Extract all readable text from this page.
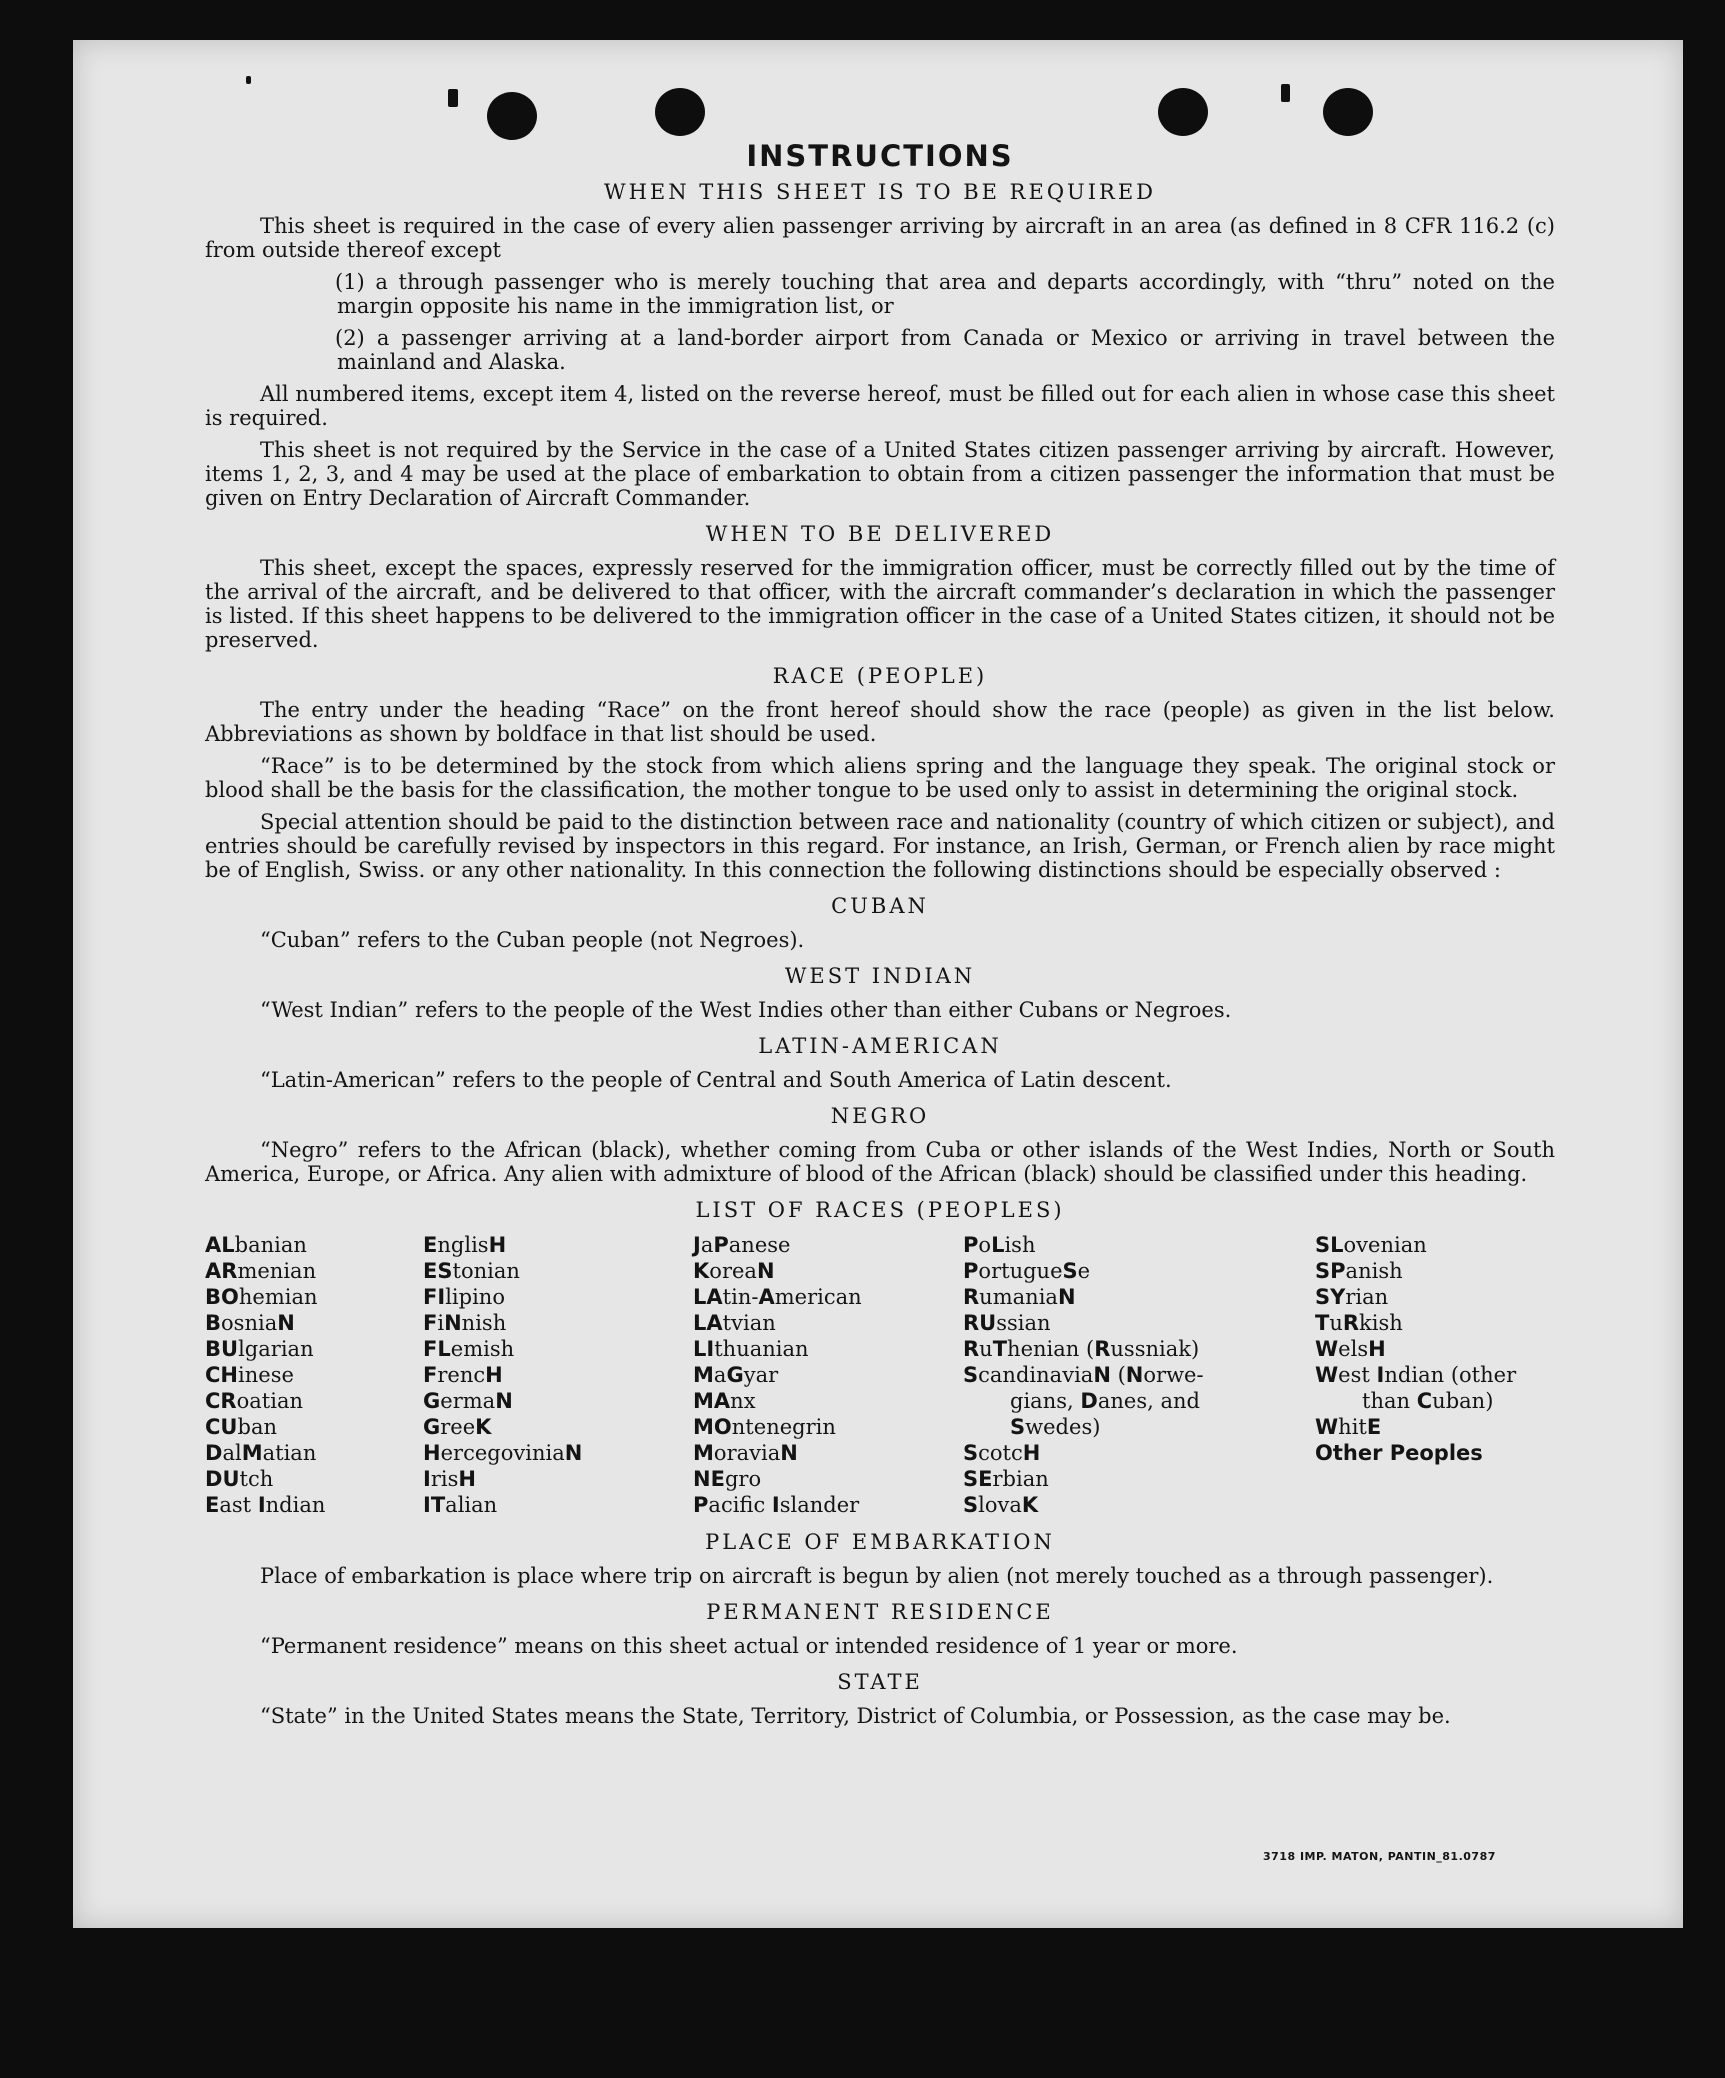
INSTRUCTIONS
WHEN THIS SHEET IS TO BE REQUIRED

This sheet is required in the case of every alien passenger arriving by aircraft in an area (as defined in 8 CFR 116.2 (c) from outside thereof except

(1) a through passenger who is merely touching that area and departs accordingly, with “thru” noted on the margin opposite his name in the immigration list, or

(2) a passenger arriving at a land-border airport from Canada or Mexico or arriving in travel between the mainland and Alaska.

All numbered items, except item 4, listed on the reverse hereof, must be filled out for each alien in whose case this sheet is required.

This sheet is not required by the Service in the case of a United States citizen passenger arriving by aircraft. However, items 1, 2, 3, and 4 may be used at the place of embarkation to obtain from a citizen passenger the information that must be given on Entry Declaration of Aircraft Commander.

WHEN TO BE DELIVERED

This sheet, except the spaces, expressly reserved for the immigration officer, must be correctly filled out by the time of the arrival of the aircraft, and be delivered to that officer, with the aircraft commander’s declaration in which the passenger is listed. If this sheet happens to be delivered to the immigration officer in the case of a United States citizen, it should not be preserved.

RACE (PEOPLE)

The entry under the heading “Race” on the front hereof should show the race (people) as given in the list below. Abbreviations as shown by boldface in that list should be used.

“Race” is to be determined by the stock from which aliens spring and the language they speak. The original stock or blood shall be the basis for the classification, the mother tongue to be used only to assist in determining the original stock.

Special attention should be paid to the distinction between race and nationality (country of which citizen or subject), and entries should be carefully revised by inspectors in this regard. For instance, an Irish, German, or French alien by race might be of English, Swiss. or any other nationality. In this connection the following distinctions should be especially observed :

CUBAN

“Cuban” refers to the Cuban people (not Negroes).

WEST INDIAN

“West Indian” refers to the people of the West Indies other than either Cubans or Negroes.

LATIN-AMERICAN

“Latin-American” refers to the people of Central and South America of Latin descent.

NEGRO

“Negro” refers to the African (black), whether coming from Cuba or other islands of the West Indies, North or South America, Europe, or Africa. Any alien with admixture of blood of the African (black) should be classified under this heading.

LIST OF RACES (PEOPLES)
ALbanian
ARmenian
BOhemian
BosniaN
BUlgarian
CHinese
CRoatian
CUban
DalMatian
DUtch
East Indian
EnglisH
EStonian
FIlipino
FiNnish
FLemish
FrencH
GermaN
GreeK
HercegoviniaN
IrisH
ITalian
JaPanese
KoreaN
LAtin-American
LAtvian
LIthuanian
MaGyar
MAnx
MOntenegrin
MoraviaN
NEgro
Pacifc Islander
PoLish
PortugueSe
RumaniaN
RUssian
RuThenian (Russniak)
ScandinaviaN (Norwe-
gians, Danes, and
Swedes)
ScotcH
SErbian
SlovaK
SLovenian
SPanish
SYrian
TuRkish
WelsH
West Indian (other
than Cuban)
WhitE
Other Peoples
PLACE OF EMBARKATION

Place of embarkation is place where trip on aircraft is begun by alien (not merely touched as a through passenger).

PERMANENT RESIDENCE

“Permanent residence” means on this sheet actual or intended residence of 1 year or more.

STATE

“State” in the United States means the State, Territory, District of Columbia, or Possession, as the case may be.

3718 IMP. MATON, PANTIN_81.0787
